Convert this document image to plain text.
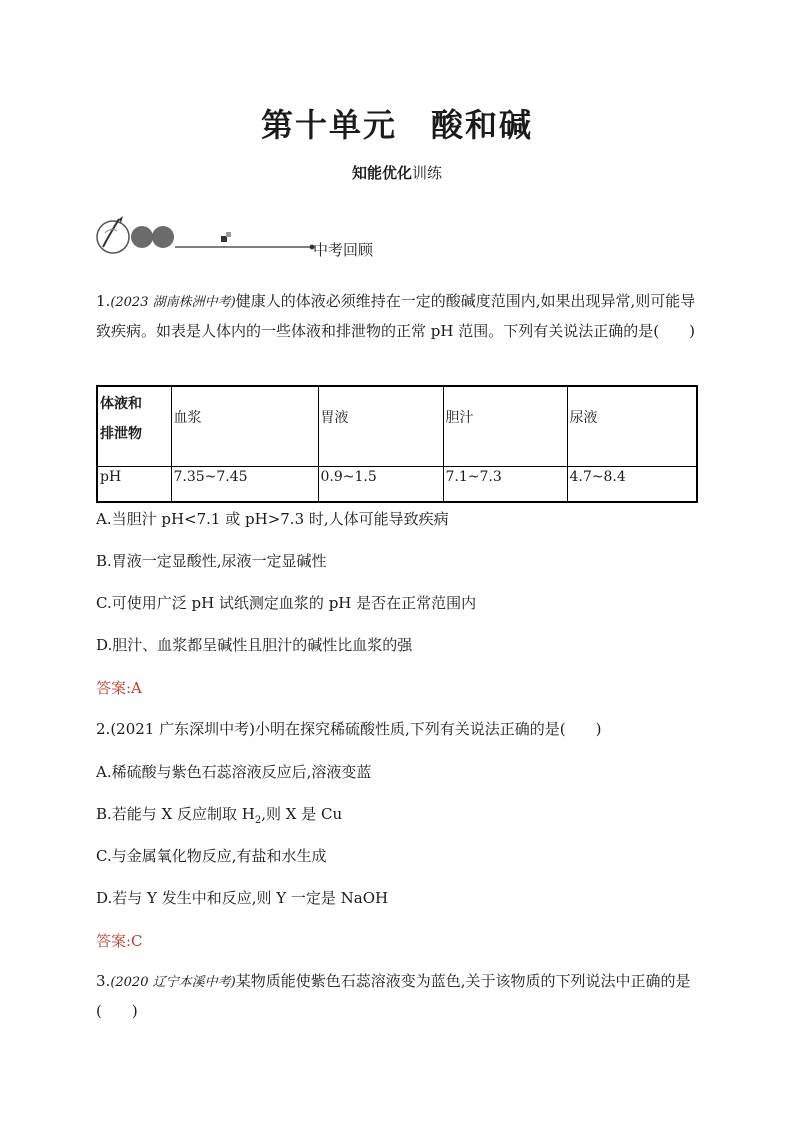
第十单元　酸和碱
知能优化训练
中考回顾
1.(2023 湖南株洲中考)健康人的体液必须维持在一定的酸碱度范围内,如果出现异常,则可能导致疾病。如表是人体内的一些体液和排泄物的正常 pH 范围。下列有关说法正确的是(　　)
体液和
排泄物	血浆	胃液	胆汁	尿液
pH	7.35~7.45	0.9~1.5	7.1~7.3	4.7~8.4
A.当胆汁 pH<7.1 或 pH>7.3 时,人体可能导致疾病
B.胃液一定显酸性,尿液一定显碱性
C.可使用广泛 pH 试纸测定血浆的 pH 是否在正常范围内
D.胆汁、血浆都呈碱性且胆汁的碱性比血浆的强
答案:A
2.(2021 广东深圳中考)小明在探究稀硫酸性质,下列有关说法正确的是(　　)
A.稀硫酸与紫色石蕊溶液反应后,溶液变蓝
B.若能与 X 反应制取 $H_2$,则 X 是 Cu
C.与金属氧化物反应,有盐和水生成
D.若与 Y 发生中和反应,则 Y 一定是 NaOH
答案:C
3.(2020 辽宁本溪中考)某物质能使紫色石蕊溶液变为蓝色,关于该物质的下列说法中正确的是(　　)
